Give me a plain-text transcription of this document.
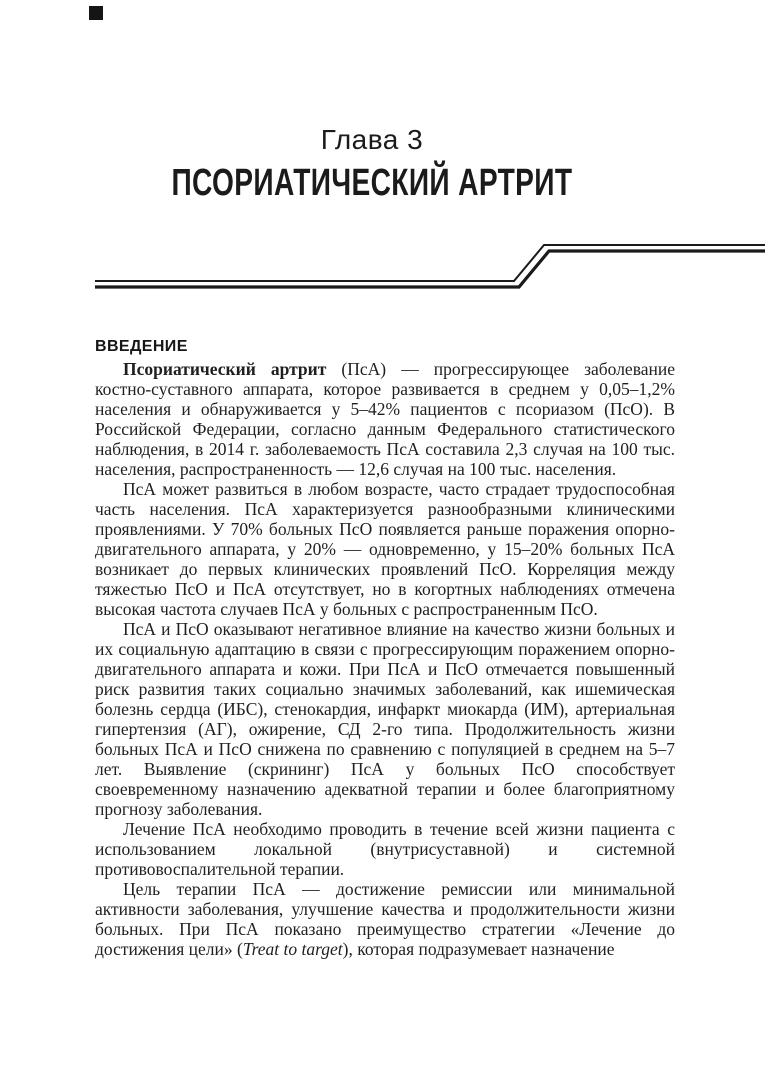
Глава 3
ПСОРИАТИЧЕСКИЙ АРТРИТ
ВВЕДЕНИЕ

Псориатический артрит (ПсА) — прогрессирующее заболевание костно-суставного аппарата, которое развивается в среднем у 0,05–1,2% населения и обнаруживается у 5–42% пациентов с псориазом (ПсО). В Российской Федерации, согласно данным Федерального статистического наблюдения, в 2014 г. заболеваемость ПсА составила 2,3 случая на 100 тыс. населения, распространенность — 12,6 случая на 100 тыс. населения.

ПсА может развиться в любом возрасте, часто страдает трудоспособная часть населения. ПсА характеризуется разнообразными клиническими проявлениями. У 70% больных ПсО появляется раньше поражения опорно-двигательного аппарата, у 20% — одновременно, у 15–20% больных ПсА возникает до первых клинических проявлений ПсО. Корреляция между тяжестью ПсО и ПсА отсутствует, но в когортных наблюдениях отмечена высокая частота случаев ПсА у больных с распространенным ПсО.

ПсА и ПсО оказывают негативное влияние на качество жизни больных и их социальную адаптацию в связи с прогрессирующим поражением опорно-двигательного аппарата и кожи. При ПсА и ПсО отмечается повышенный риск развития таких социально значимых заболеваний, как ишемическая болезнь сердца (ИБС), стенокардия, инфаркт миокарда (ИМ), артериальная гипертензия (АГ), ожирение, СД 2-го типа. Продолжительность жизни больных ПсА и ПсО снижена по сравнению с популяцией в среднем на 5–7 лет. Выявление (скрининг) ПсА у больных ПсО способствует своевременному назначению адекватной терапии и более благоприятному прогнозу заболевания.

Лечение ПсА необходимо проводить в течение всей жизни пациента с использованием локальной (внутрисуставной) и системной противовоспалительной терапии.

Цель терапии ПсА — достижение ремиссии или минимальной активности заболевания, улучшение качества и продолжительности жизни больных. При ПсА показано преимущество стратегии «Лечение до достижения цели» (Treat to target), которая подразумевает назначение
